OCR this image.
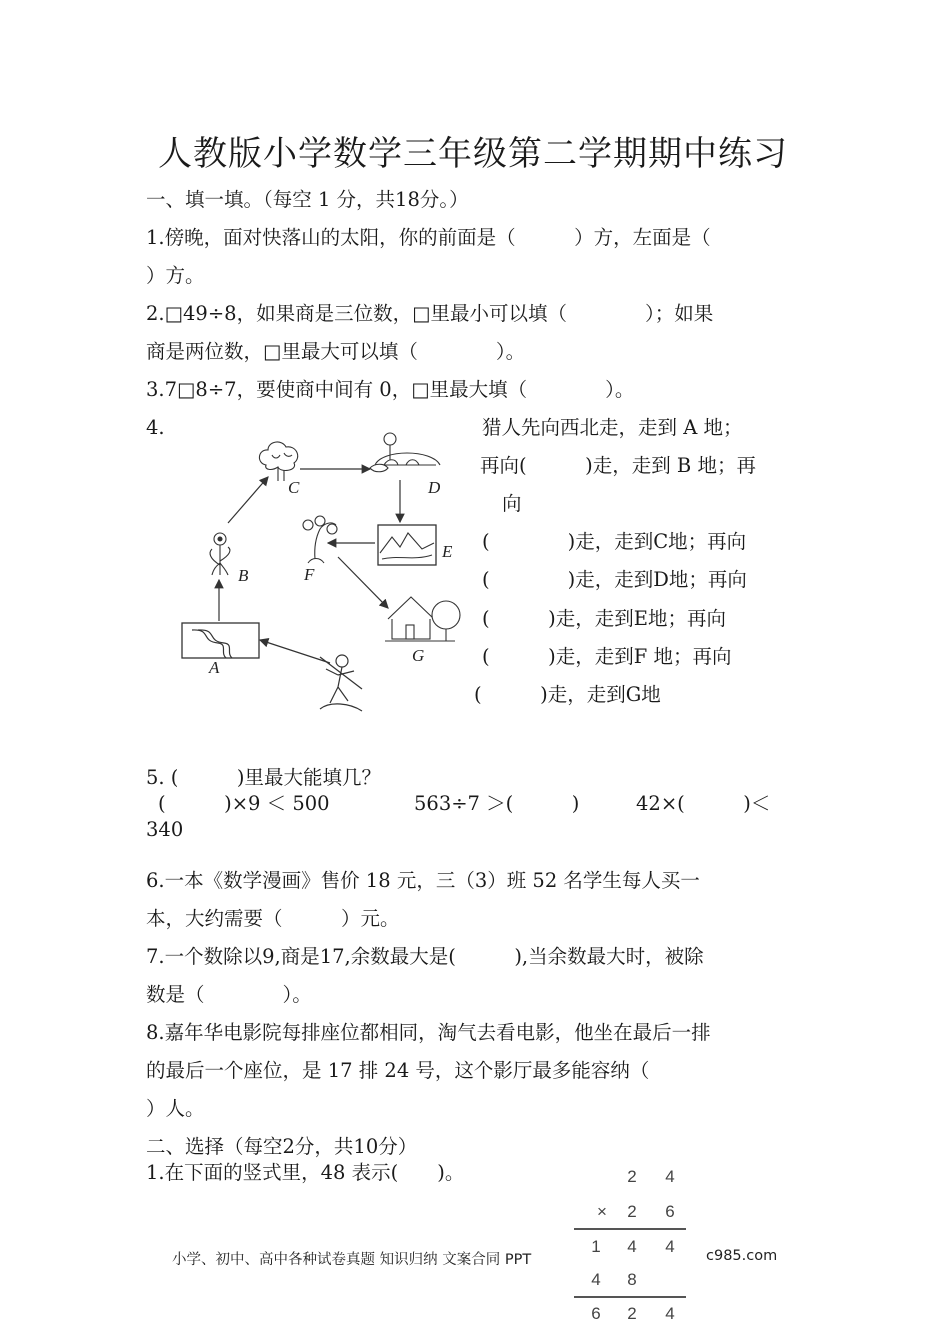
人教版小学数学三年级第二学期期中练习
一、填一填。（每空 1 分，共18分。）
1.傍晚，面对快落山的太阳，你的前面是（　　　）方，左面是（
）方。
2.□49÷8，如果商是三位数，□里最小可以填（　　　　）；如果
商是两位数，□里最大可以填（　　　　）。
3.7□8÷7，要使商中间有 0，□里最大填（　　　　）。
4.
A
B
C	D
E
F
G
猎人先向西北走，走到 A 地；
再向(　　　)走，走到 B 地；再
向
(　　　　)走，走到C地；再向
(　　　　)走，走到D地；再向
(　　　)走，走到E地；再向
(　　　)走，走到F 地；再向
(　　　)走，走到G地
5. (　　　)里最大能填几？
(　　　)×9 ＜ 500	563÷7 ＞(　　　)	42×(　　　)＜
340
6.一本《数学漫画》售价 18 元，三（3）班 52 名学生每人买一
本，大约需要（　　　）元。
7.一个数除以9,商是17,余数最大是(　　　),当余数最大时，被除
数是（　　　　）。
8.嘉年华电影院每排座位都相同，淘气去看电影，他坐在最后一排
的最后一个座位，是 17 排 24 号，这个影厅最多能容纳（
）人。
二、选择（每空2分，共10分）
1.在下面的竖式里，48 表示(　　)。	2	4
×	2	6
1	4	4
4	8
6	2	4
小学、初中、高中各种试卷真题 知识归纳 文案合同 PPT	c985.com
